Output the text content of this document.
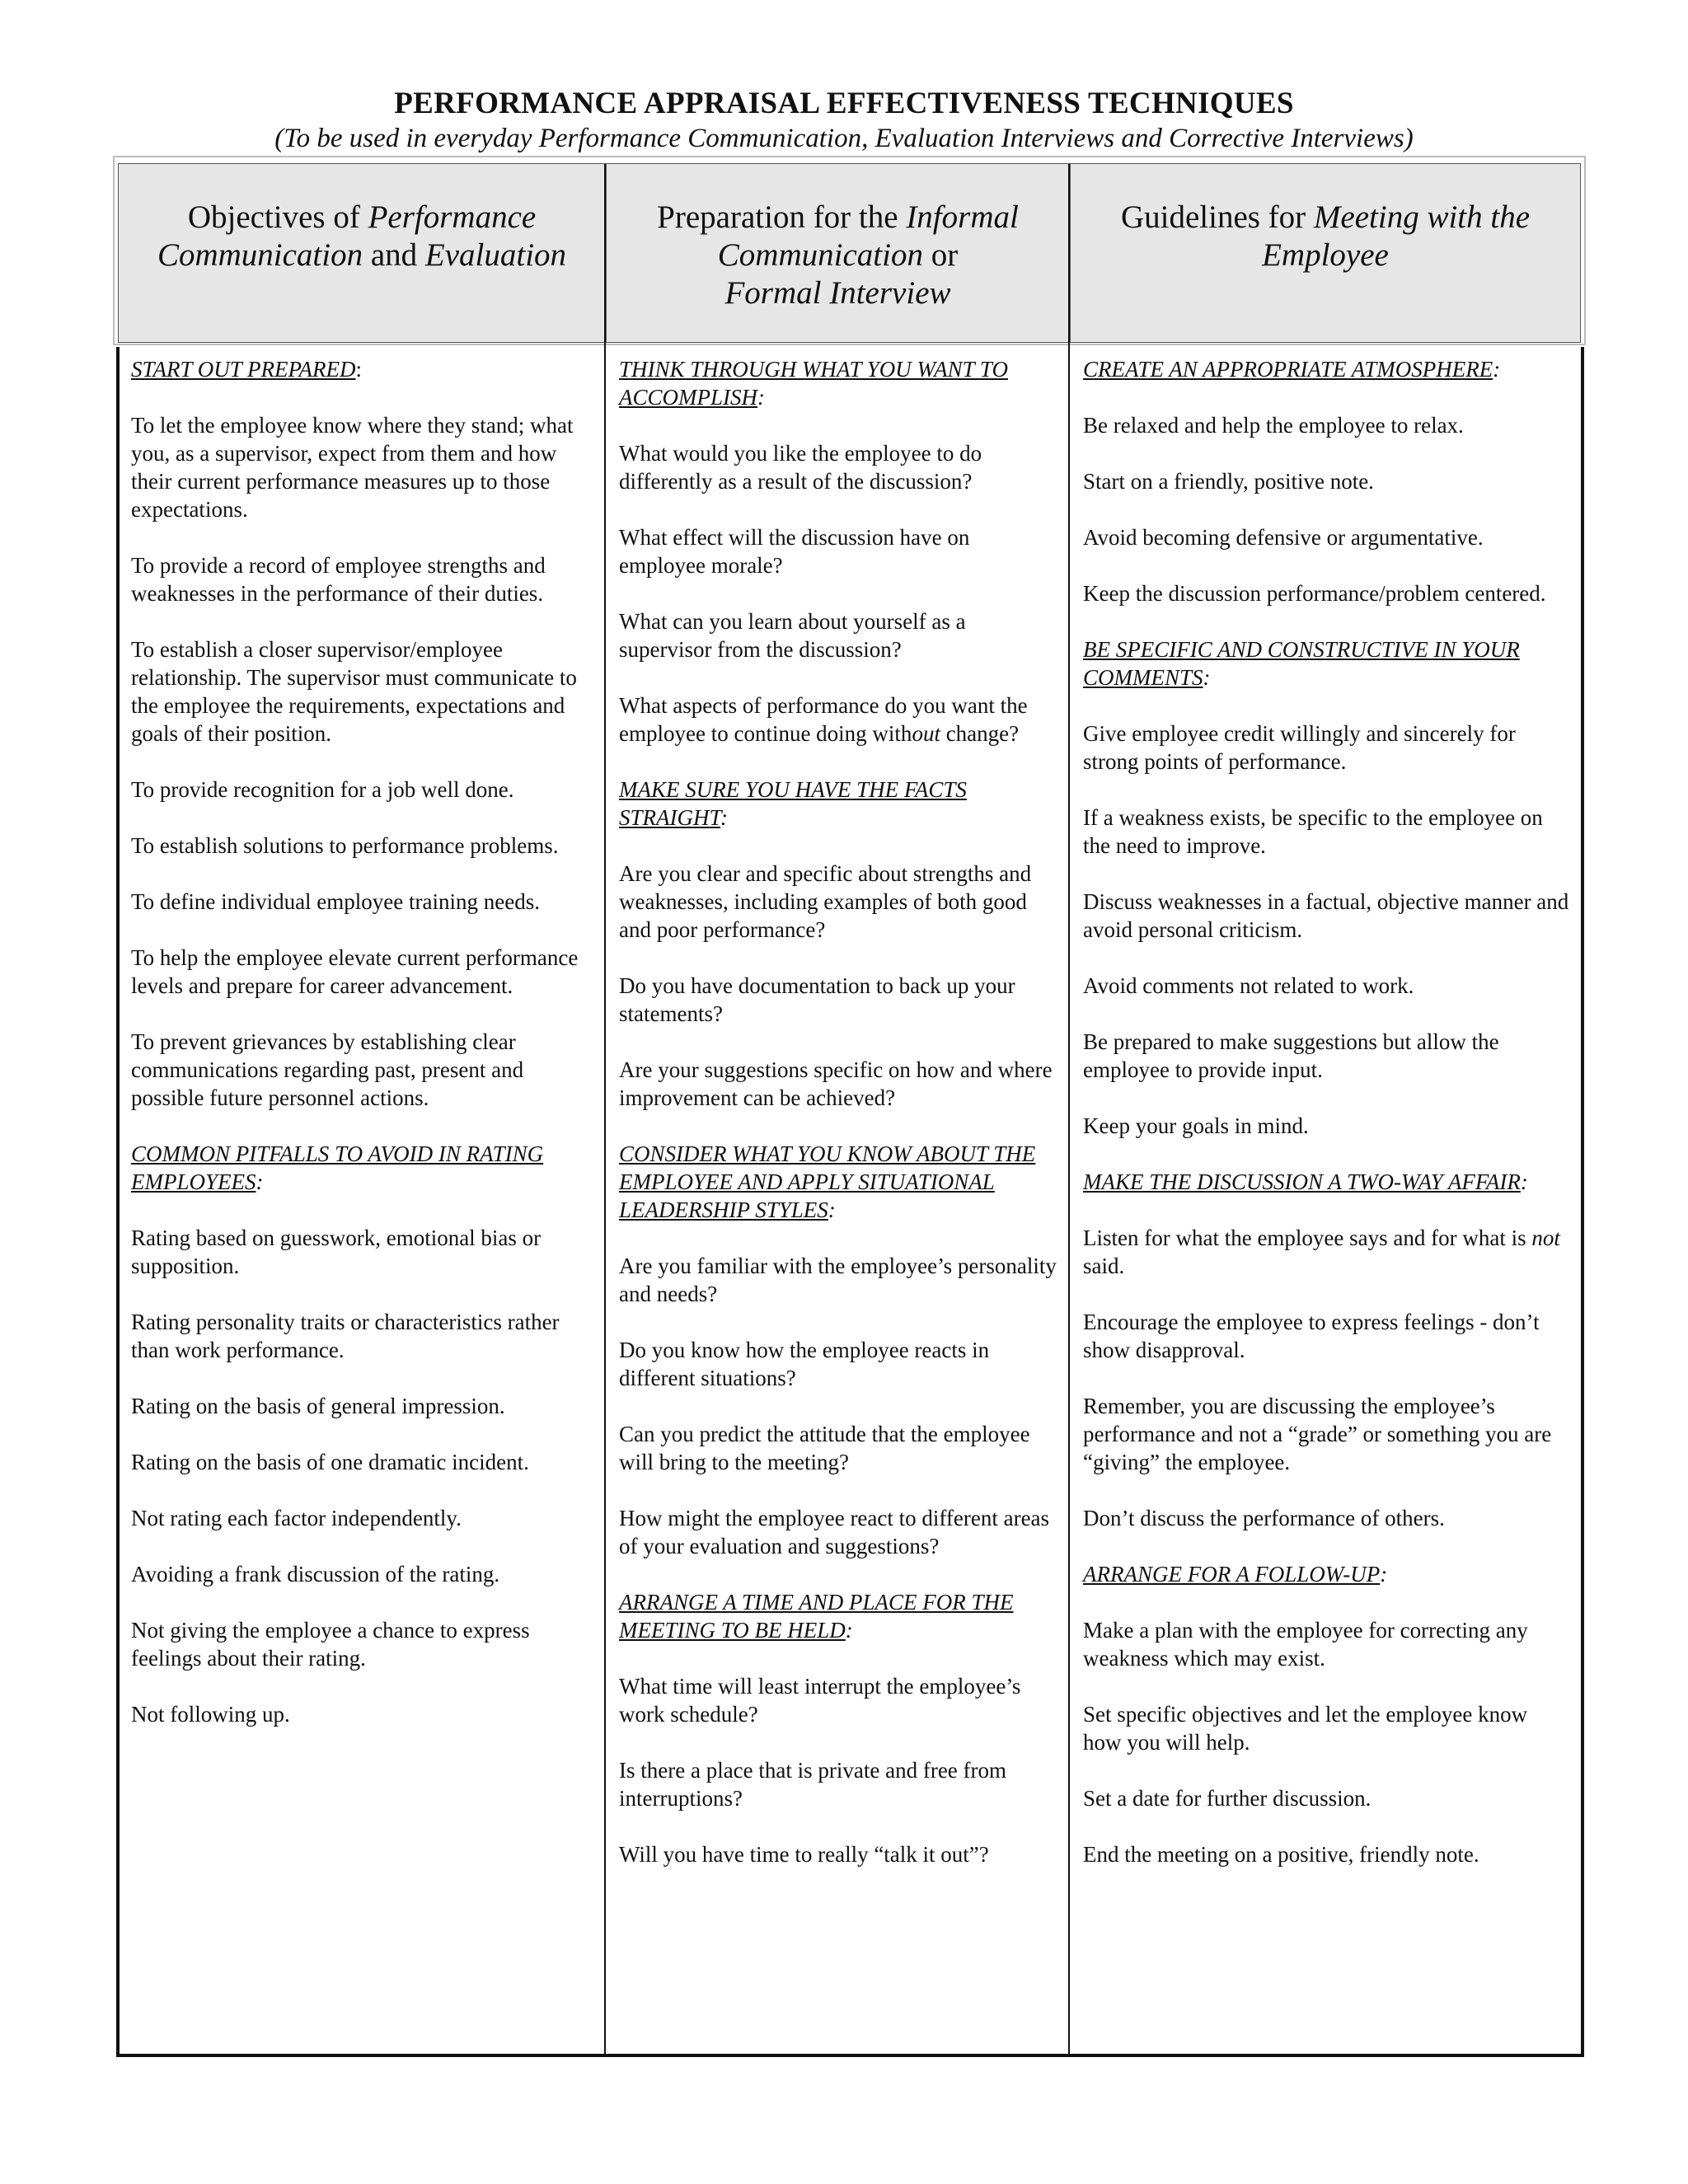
PERFORMANCE APPRAISAL EFFECTIVENESS TECHNIQUES
(To be used in everyday Performance Communication, Evaluation Interviews and Corrective Interviews)
Objectives of Performance
Communication and Evaluation
Preparation for the Informal
Communication or
Formal Interview
Guidelines for Meeting with the
Employee

START OUT PREPARED:

To let the employee know where they stand; what you, as a supervisor, expect from them and how their current performance measures up to those expectations.

To provide a record of employee strengths and weaknesses in the performance of their duties.

To establish a closer supervisor/employee relationship. The supervisor must communicate to the employee the requirements, expectations and goals of their position.

To provide recognition for a job well done.

To establish solutions to performance problems.

To define individual employee training needs.

To help the employee elevate current performance levels and prepare for career advancement.

To prevent grievances by establishing clear communications regarding past, present and possible future personnel actions.

COMMON PITFALLS TO AVOID IN RATING EMPLOYEES:

Rating based on guesswork, emotional bias or supposition.

Rating personality traits or characteristics rather than work performance.

Rating on the basis of general impression.

Rating on the basis of one dramatic incident.

Not rating each factor independently.

Avoiding a frank discussion of the rating.

Not giving the employee a chance to express feelings about their rating.

Not following up.

THINK THROUGH WHAT YOU WANT TO ACCOMPLISH:

What would you like the employee to do differently as a result of the discussion?

What effect will the discussion have on employee morale?

What can you learn about yourself as a supervisor from the discussion?

What aspects of performance do you want the employee to continue doing without change?

MAKE SURE YOU HAVE THE FACTS STRAIGHT:

Are you clear and specific about strengths and weaknesses, including examples of both good and poor performance?

Do you have documentation to back up your statements?

Are your suggestions specific on how and where improvement can be achieved?

CONSIDER WHAT YOU KNOW ABOUT THE EMPLOYEE AND APPLY SITUATIONAL LEADERSHIP STYLES:

Are you familiar with the employee’s personality and needs?

Do you know how the employee reacts in different situations?

Can you predict the attitude that the employee will bring to the meeting?

How might the employee react to different areas of your evaluation and suggestions?

ARRANGE A TIME AND PLACE FOR THE MEETING TO BE HELD:

What time will least interrupt the employee’s work schedule?

Is there a place that is private and free from interruptions?

Will you have time to really “talk it out”?

CREATE AN APPROPRIATE ATMOSPHERE:

Be relaxed and help the employee to relax.

Start on a friendly, positive note.

Avoid becoming defensive or argumentative.

Keep the discussion performance/problem centered.

BE SPECIFIC AND CONSTRUCTIVE IN YOUR COMMENTS:

Give employee credit willingly and sincerely for strong points of performance.

If a weakness exists, be specific to the employee on the need to improve.

Discuss weaknesses in a factual, objective manner and avoid personal criticism.

Avoid comments not related to work.

Be prepared to make suggestions but allow the employee to provide input.

Keep your goals in mind.

MAKE THE DISCUSSION A TWO-WAY AFFAIR:

Listen for what the employee says and for what is not said.

Encourage the employee to express feelings - don’t show disapproval.

Remember, you are discussing the employee’s performance and not a “grade” or something you are “giving” the employee.

Don’t discuss the performance of others.

ARRANGE FOR A FOLLOW-UP:

Make a plan with the employee for correcting any weakness which may exist.

Set specific objectives and let the employee know how you will help.

Set a date for further discussion.

End the meeting on a positive, friendly note.
